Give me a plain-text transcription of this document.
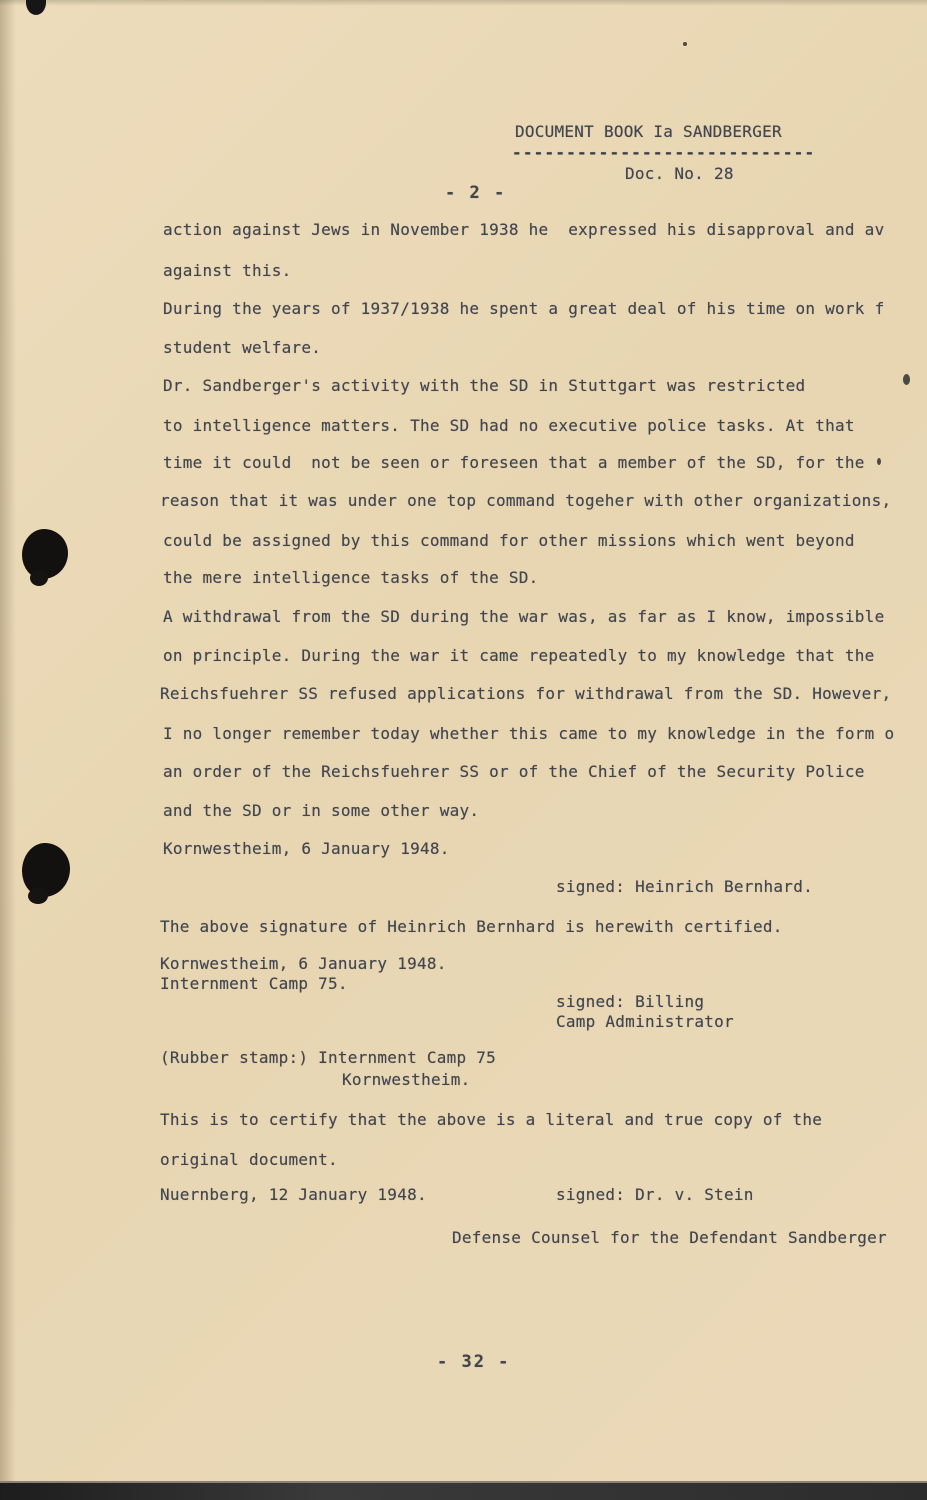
DOCUMENT BOOK Ia SANDBERGER
----------------------------
Doc. No. 28
- 2 -
action against Jews in November 1938 he  expressed his disapproval and av
against this.
During the years of 1937/1938 he spent a great deal of his time on work f
student welfare.
Dr. Sandberger's activity with the SD in Stuttgart was restricted
to intelligence matters. The SD had no executive police tasks. At that
time it could  not be seen or foreseen that a member of the SD, for the
reason that it was under one top command togeher with other organizations,
could be assigned by this command for other missions which went beyond
the mere intelligence tasks of the SD.
A withdrawal from the SD during the war was, as far as I know, impossible
on principle. During the war it came repeatedly to my knowledge that the
Reichsfuehrer SS refused applications for withdrawal from the SD. However,
I no longer remember today whether this came to my knowledge in the form o
an order of the Reichsfuehrer SS or of the Chief of the Security Police
and the SD or in some other way.
Kornwestheim, 6 January 1948.
signed: Heinrich Bernhard.
The above signature of Heinrich Bernhard is herewith certified.
Kornwestheim, 6 January 1948.
Internment Camp 75.
signed: Billing
Camp Administrator
(Rubber stamp:) Internment Camp 75
Kornwestheim.
This is to certify that the above is a literal and true copy of the
original document.
Nuernberg, 12 January 1948.	signed: Dr. v. Stein
Defense Counsel for the Defendant Sandberger
- 32 -
